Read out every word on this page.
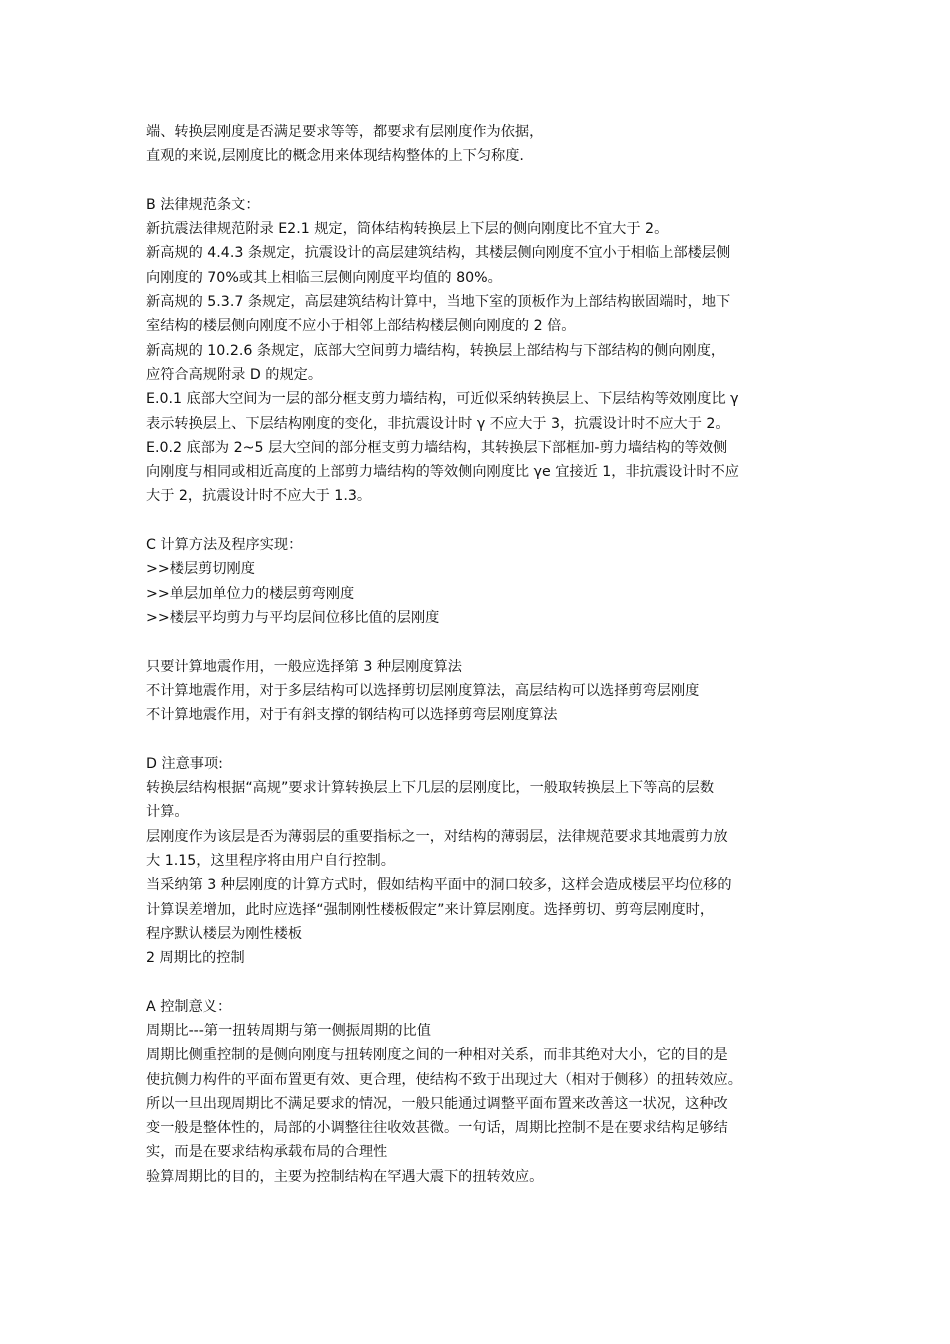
端、转换层刚度是否满足要求等等，都要求有层刚度作为依据，

直观的来说,层刚度比的概念用来体现结构整体的上下匀称度.

B 法律规范条文：

新抗震法律规范附录 E2.1 规定，筒体结构转换层上下层的侧向刚度比不宜大于 2。

新高规的 4.4.3 条规定，抗震设计的高层建筑结构，其楼层侧向刚度不宜小于相临上部楼层侧

向刚度的 70%或其上相临三层侧向刚度平均值的 80%。

新高规的 5.3.7 条规定，高层建筑结构计算中，当地下室的顶板作为上部结构嵌固端时，地下

室结构的楼层侧向刚度不应小于相邻上部结构楼层侧向刚度的 2 倍。

新高规的 10.2.6 条规定，底部大空间剪力墙结构，转换层上部结构与下部结构的侧向刚度，

应符合高规附录 D 的规定。

E.0.1 底部大空间为一层的部分框支剪力墙结构，可近似采纳转换层上、下层结构等效刚度比 γ

表示转换层上、下层结构刚度的变化，非抗震设计时 γ 不应大于 3，抗震设计时不应大于 2。

E.0.2 底部为 2~5 层大空间的部分框支剪力墙结构，其转换层下部框加-剪力墙结构的等效侧

向刚度与相同或相近高度的上部剪力墙结构的等效侧向刚度比 γe 宜接近 1，非抗震设计时不应

大于 2，抗震设计时不应大于 1.3。

C 计算方法及程序实现：

>>楼层剪切刚度

>>单层加单位力的楼层剪弯刚度

>>楼层平均剪力与平均层间位移比值的层刚度

只要计算地震作用，一般应选择第 3 种层刚度算法

不计算地震作用，对于多层结构可以选择剪切层刚度算法，高层结构可以选择剪弯层刚度

不计算地震作用，对于有斜支撑的钢结构可以选择剪弯层刚度算法

D 注意事项:

转换层结构根据“高规”要求计算转换层上下几层的层刚度比，一般取转换层上下等高的层数

计算。

层刚度作为该层是否为薄弱层的重要指标之一，对结构的薄弱层，法律规范要求其地震剪力放

大 1.15，这里程序将由用户自行控制。

当采纳第 3 种层刚度的计算方式时，假如结构平面中的洞口较多，这样会造成楼层平均位移的

计算误差增加，此时应选择“强制刚性楼板假定”来计算层刚度。选择剪切、剪弯层刚度时，

程序默认楼层为刚性楼板

2 周期比的控制

A 控制意义：

周期比---第一扭转周期与第一侧振周期的比值

周期比侧重控制的是侧向刚度与扭转刚度之间的一种相对关系，而非其绝对大小，它的目的是

使抗侧力构件的平面布置更有效、更合理，使结构不致于出现过大（相对于侧移）的扭转效应。

所以一旦出现周期比不满足要求的情况，一般只能通过调整平面布置来改善这一状况，这种改

变一般是整体性的，局部的小调整往往收效甚微。一句话，周期比控制不是在要求结构足够结

实，而是在要求结构承载布局的合理性

验算周期比的目的，主要为控制结构在罕遇大震下的扭转效应。
